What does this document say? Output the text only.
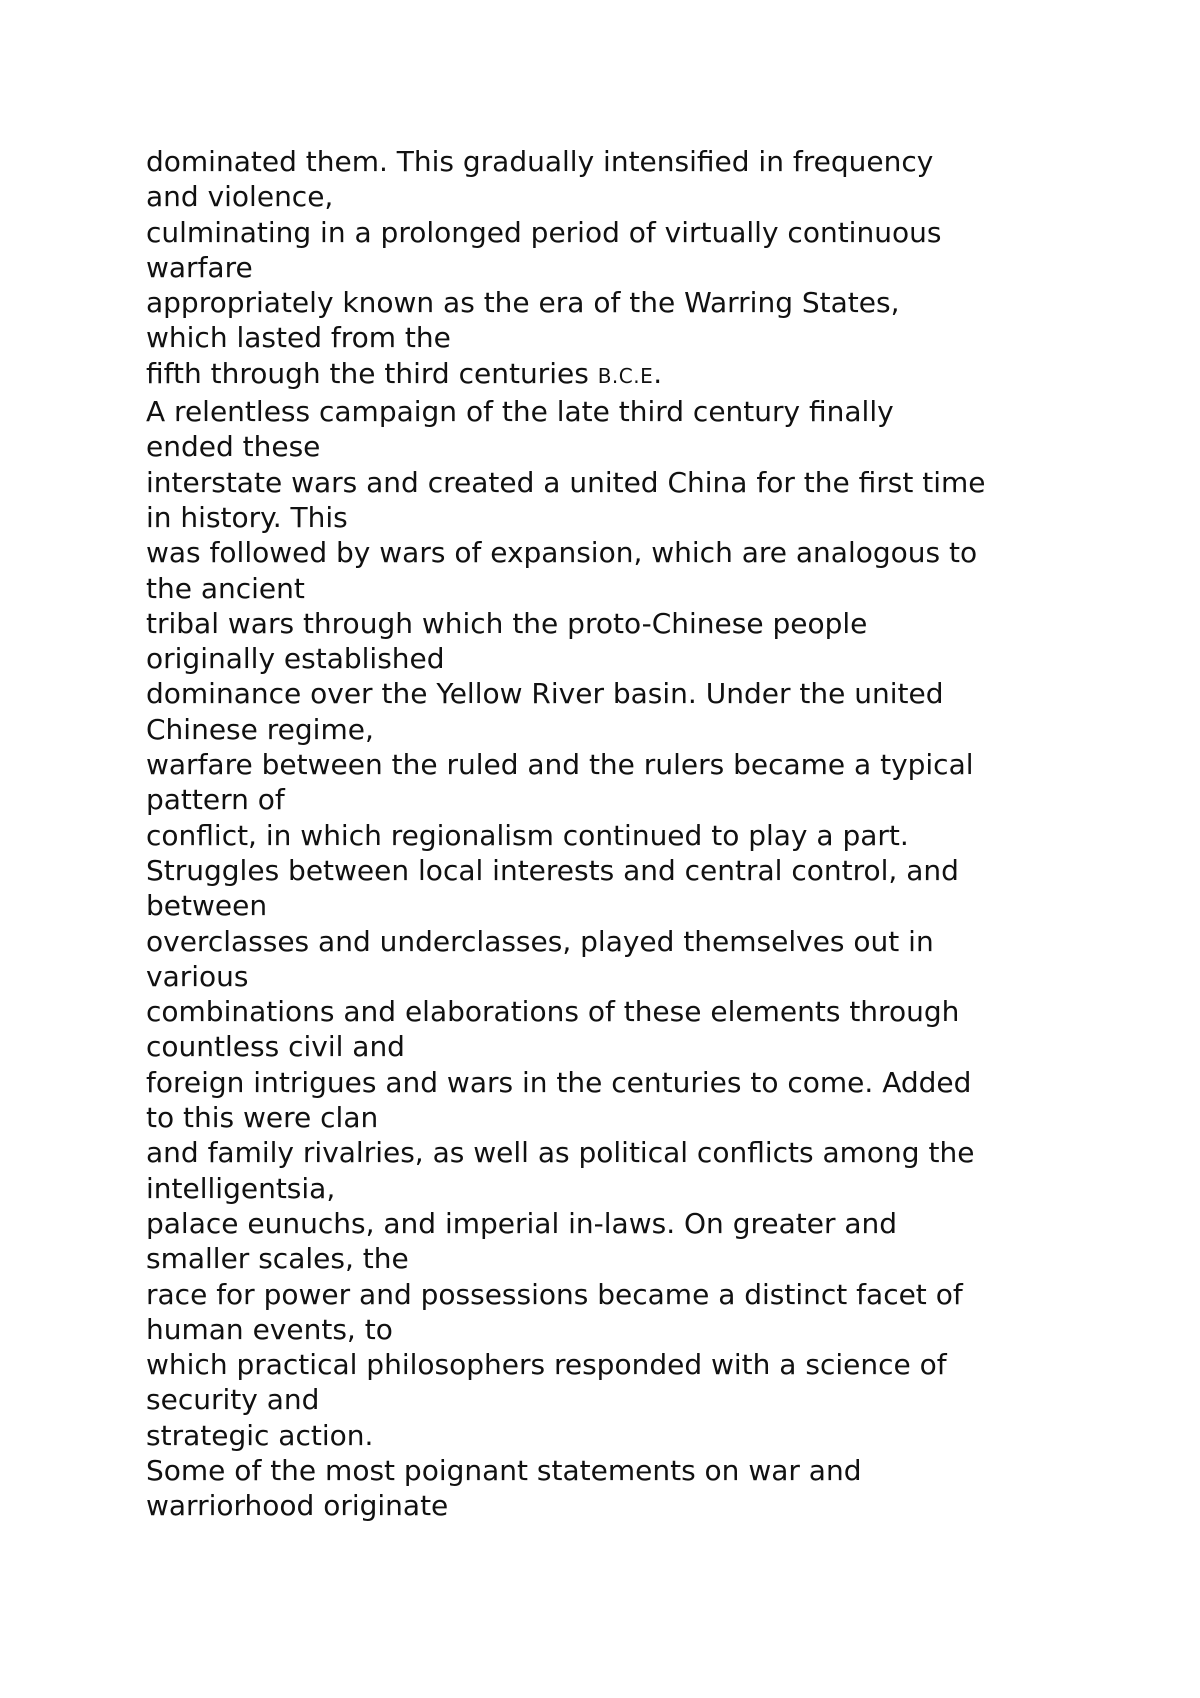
dominated them. This gradually intensified in frequency
and violence,
culminating in a prolonged period of virtually continuous
warfare
appropriately known as the era of the Warring States,
which lasted from the
fifth through the third centuries B.C.E.
A relentless campaign of the late third century finally
ended these
interstate wars and created a united China for the first time
in history. This
was followed by wars of expansion, which are analogous to
the ancient
tribal wars through which the proto-Chinese people
originally established
dominance over the Yellow River basin. Under the united
Chinese regime,
warfare between the ruled and the rulers became a typical
pattern of
conflict, in which regionalism continued to play a part.
Struggles between local interests and central control, and
between
overclasses and underclasses, played themselves out in
various
combinations and elaborations of these elements through
countless civil and
foreign intrigues and wars in the centuries to come. Added
to this were clan
and family rivalries, as well as political conflicts among the
intelligentsia,
palace eunuchs, and imperial in-laws. On greater and
smaller scales, the
race for power and possessions became a distinct facet of
human events, to
which practical philosophers responded with a science of
security and
strategic action.
Some of the most poignant statements on war and
warriorhood originate
